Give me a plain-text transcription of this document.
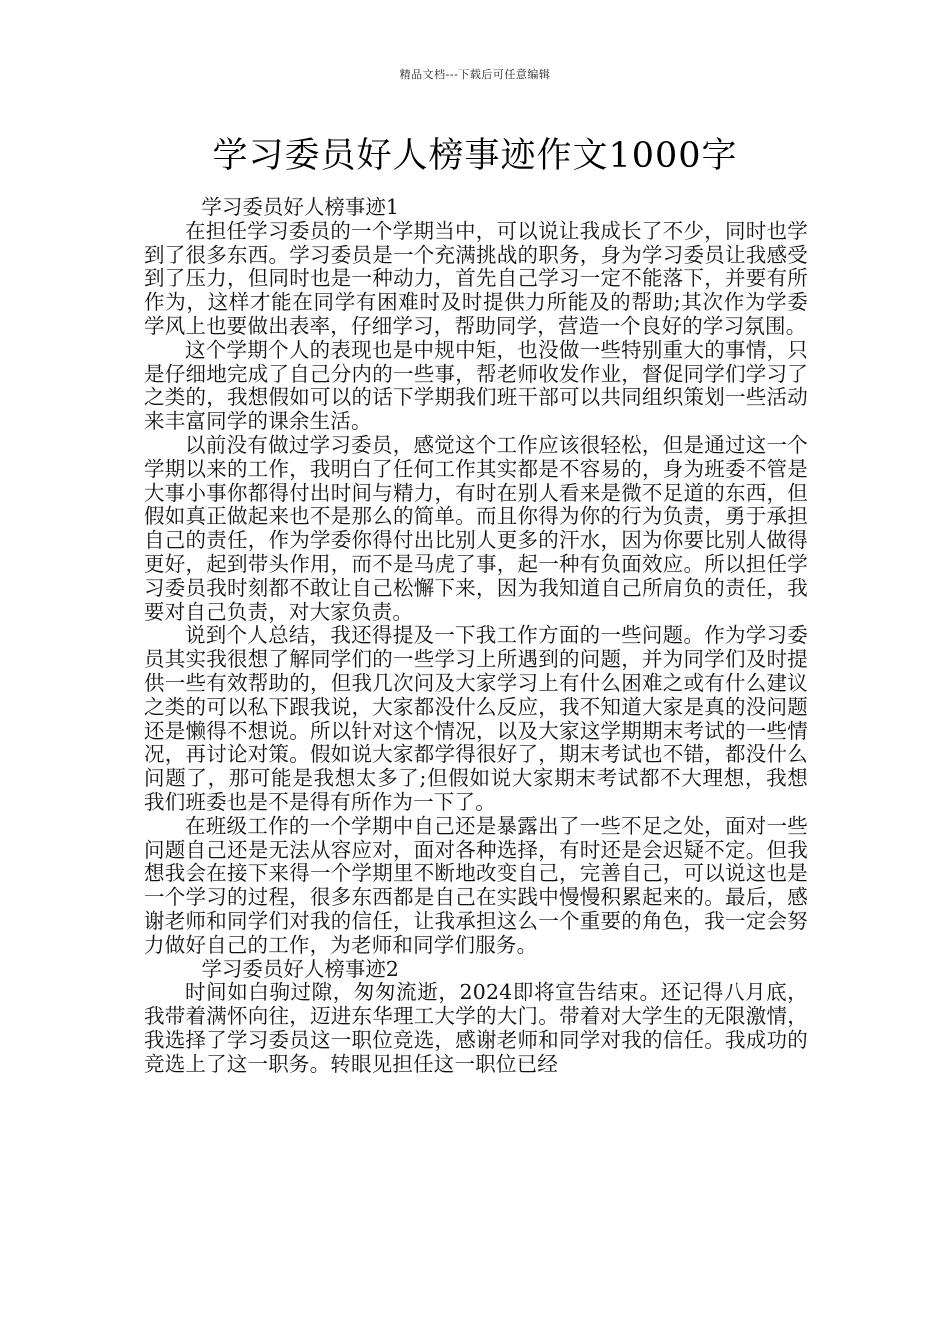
精品文档---下载后可任意编辑
学习委员好人榜事迹作文1000字

学习委员好人榜事迹1

在担任学习委员的一个学期当中，可以说让我成长了不少，同时也学到了很多东西。学习委员是一个充满挑战的职务，身为学习委员让我感受到了压力，但同时也是一种动力，首先自己学习一定不能落下，并要有所作为，这样才能在同学有困难时及时提供力所能及的帮助;其次作为学委学风上也要做出表率，仔细学习，帮助同学，营造一个良好的学习氛围。

这个学期个人的表现也是中规中矩，也没做一些特别重大的事情，只是仔细地完成了自己分内的一些事，帮老师收发作业，督促同学们学习了之类的，我想假如可以的话下学期我们班干部可以共同组织策划一些活动来丰富同学的课余生活。

以前没有做过学习委员，感觉这个工作应该很轻松，但是通过这一个学期以来的工作，我明白了任何工作其实都是不容易的，身为班委不管是大事小事你都得付出时间与精力，有时在别人看来是微不足道的东西，但假如真正做起来也不是那么的简单。而且你得为你的行为负责，勇于承担自己的责任，作为学委你得付出比别人更多的汗水，因为你要比别人做得更好，起到带头作用，而不是马虎了事，起一种有负面效应。所以担任学习委员我时刻都不敢让自己松懈下来，因为我知道自己所肩负的责任，我要对自己负责，对大家负责。

说到个人总结，我还得提及一下我工作方面的一些问题。作为学习委员其实我很想了解同学们的一些学习上所遇到的问题，并为同学们及时提供一些有效帮助的，但我几次问及大家学习上有什么困难之或有什么建议之类的可以私下跟我说，大家都没什么反应，我不知道大家是真的没问题还是懒得不想说。所以针对这个情况，以及大家这学期期末考试的一些情况，再讨论对策。假如说大家都学得很好了，期末考试也不错，都没什么问题了，那可能是我想太多了;但假如说大家期末考试都不大理想，我想我们班委也是不是得有所作为一下了。

在班级工作的一个学期中自己还是暴露出了一些不足之处，面对一些问题自己还是无法从容应对，面对各种选择，有时还是会迟疑不定。但我想我会在接下来得一个学期里不断地改变自己，完善自己，可以说这也是一个学习的过程，很多东西都是自己在实践中慢慢积累起来的。最后，感谢老师和同学们对我的信任，让我承担这么一个重要的角色，我一定会努力做好自己的工作，为老师和同学们服务。

学习委员好人榜事迹2

时间如白驹过隙，匆匆流逝，2024即将宣告结束。还记得八月底，我带着满怀向往，迈进东华理工大学的大门。带着对大学生的无限激情，我选择了学习委员这一职位竞选，感谢老师和同学对我的信任。我成功的竞选上了这一职务。转眼见担任这一职位已经
